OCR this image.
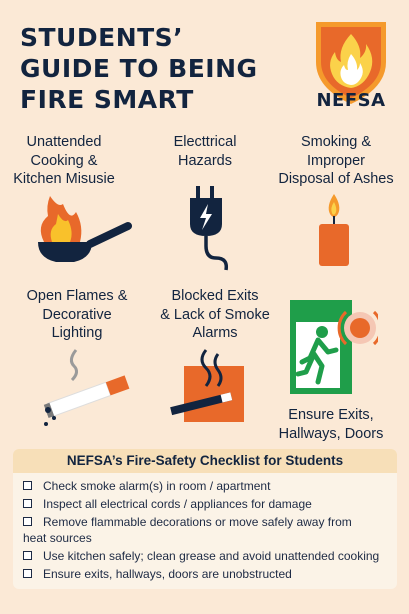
STUDENTS’
GUIDE TO BEING
FIRE SMART	NEFSA
Unattended
Cooking &
Kitchen Misusie
Electtrical
Hazards
Smoking &
Improper
Disposal of Ashes
Open Flames &
Decorative
Lighting
Blocked Exits
& Lack of Smoke
Alarms
Ensure Exits,
Hallways, Doors
NEFSA’s Fire-Safety Checklist for Students
Check smoke alarm(s) in room / apartment
Inspect all electrical cords / appliances for damage
Remove flammable decorations or move safely away from
heat sources
Use kitchen safely; clean grease and avoid unattended cooking
Ensure exits, hallways, doors are unobstructed
